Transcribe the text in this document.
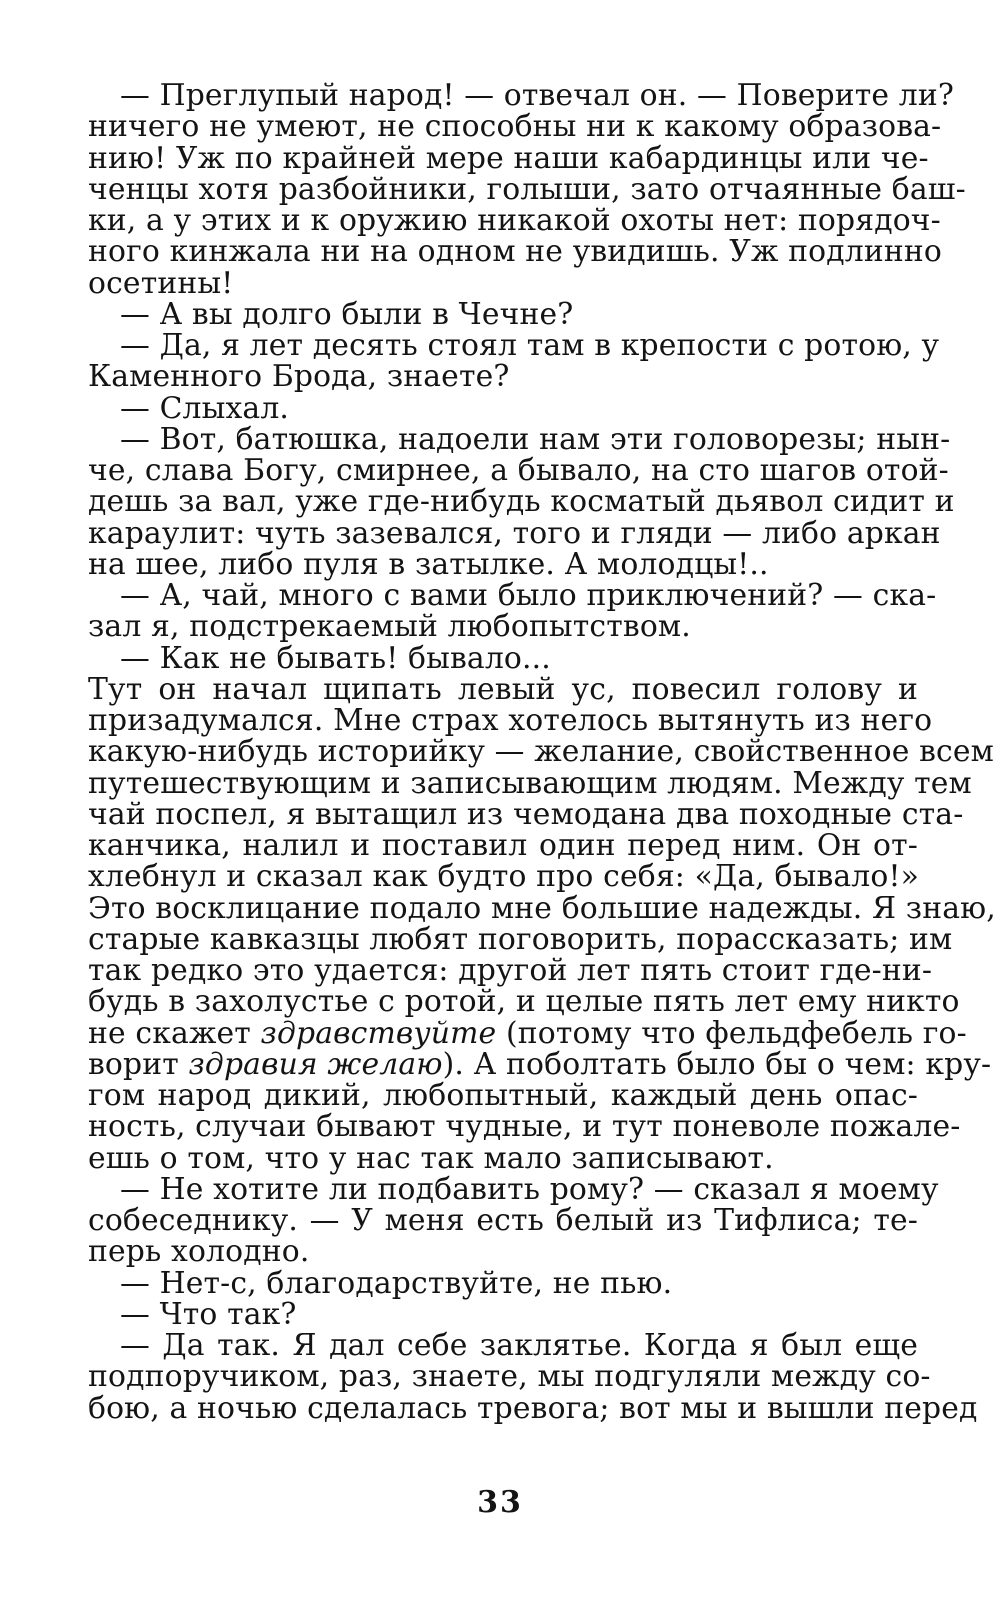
— Преглупый народ! — отвечал он. — Поверите ли?
ничего не умеют, не способны ни к какому образова-
нию! Уж по крайней мере наши кабардинцы или че-
ченцы хотя разбойники, голыши, зато отчаянные баш-
ки, а у этих и к оружию никакой охоты нет: порядоч-
ного кинжала ни на одном не увидишь. Уж подлинно
осетины!
— А вы долго были в Чечне?
— Да, я лет десять стоял там в крепости с ротою, у
Каменного Брода, знаете?
— Слыхал.
— Вот, батюшка, надоели нам эти головорезы; нын-
че, слава Богу, смирнее, а бывало, на сто шагов отой-
дешь за вал, уже где-нибудь косматый дьявол сидит и
караулит: чуть зазевался, того и гляди — либо аркан
на шее, либо пуля в затылке. А молодцы!..
— А, чай, много с вами было приключений? — ска-
зал я, подстрекаемый любопытством.
— Как не бывать! бывало...
Тут он начал щипать левый ус, повесил голову и
призадумался. Мне страх хотелось вытянуть из него
какую-нибудь историйку — желание, свойственное всем
путешествующим и записывающим людям. Между тем
чай поспел, я вытащил из чемодана два походные ста-
канчика, налил и поставил один перед ним. Он от-
хлебнул и сказал как будто про себя: «Да, бывало!»
Это восклицание подало мне большие надежды. Я знаю,
старые кавказцы любят поговорить, порассказать; им
так редко это удается: другой лет пять стоит где-ни-
будь в захолустье с ротой, и целые пять лет ему никто
не скажет здравствуйте (потому что фельдфебель го-
ворит здравия желаю). А поболтать было бы о чем: кру-
гом народ дикий, любопытный, каждый день опас-
ность, случаи бывают чудные, и тут поневоле пожале-
ешь о том, что у нас так мало записывают.
— Не хотите ли подбавить рому? — сказал я моему
собеседнику. — У меня есть белый из Тифлиса; те-
перь холодно.
— Нет-с, благодарствуйте, не пью.
— Что так?
— Да так. Я дал себе заклятье. Когда я был еще
подпоручиком, раз, знаете, мы подгуляли между со-
бою, а ночью сделалась тревога; вот мы и вышли перед
33
